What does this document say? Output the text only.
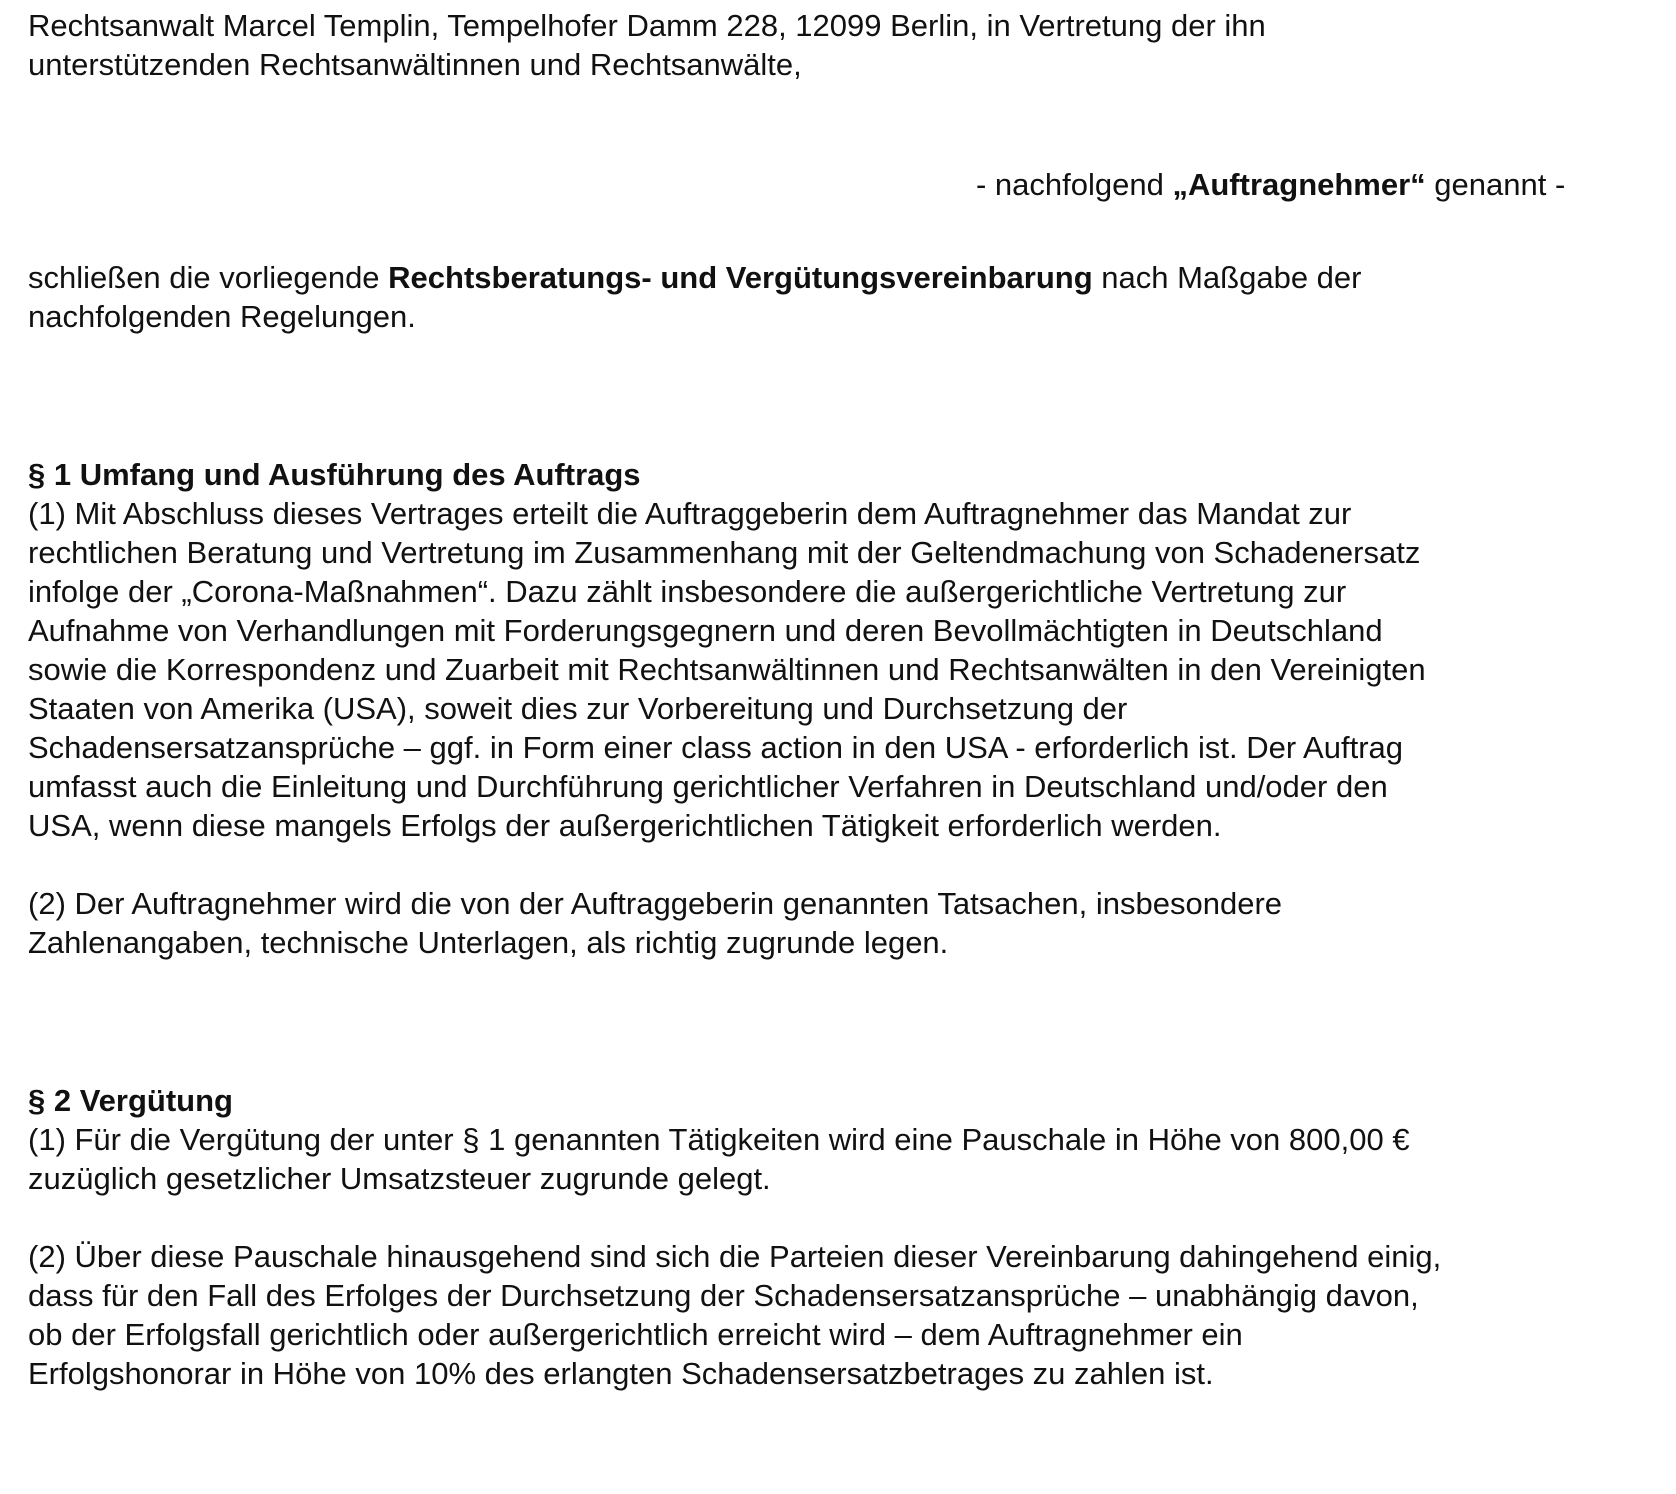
Rechtsanwalt Marcel Templin, Tempelhofer Damm 228, 12099 Berlin, in Vertretung der ihn
unterstützenden Rechtsanwältinnen und Rechtsanwälte,

- nachfolgend „Auftragnehmer“ genannt -

schließen die vorliegende Rechtsberatungs- und Vergütungsvereinbarung nach Maßgabe der
nachfolgenden Regelungen.

§ 1 Umfang und Ausführung des Auftrags

(1) Mit Abschluss dieses Vertrages erteilt die Auftraggeberin dem Auftragnehmer das Mandat zur
rechtlichen Beratung und Vertretung im Zusammenhang mit der Geltendmachung von Schadenersatz
infolge der „Corona-Maßnahmen“. Dazu zählt insbesondere die außergerichtliche Vertretung zur
Aufnahme von Verhandlungen mit Forderungsgegnern und deren Bevollmächtigten in Deutschland
sowie die Korrespondenz und Zuarbeit mit Rechtsanwältinnen und Rechtsanwälten in den Vereinigten
Staaten von Amerika (USA), soweit dies zur Vorbereitung und Durchsetzung der
Schadensersatzansprüche – ggf. in Form einer class action in den USA - erforderlich ist. Der Auftrag
umfasst auch die Einleitung und Durchführung gerichtlicher Verfahren in Deutschland und/oder den
USA, wenn diese mangels Erfolgs der außergerichtlichen Tätigkeit erforderlich werden.

(2) Der Auftragnehmer wird die von der Auftraggeberin genannten Tatsachen, insbesondere
Zahlenangaben, technische Unterlagen, als richtig zugrunde legen.

§ 2 Vergütung

(1) Für die Vergütung der unter § 1 genannten Tätigkeiten wird eine Pauschale in Höhe von 800,00 €
zuzüglich gesetzlicher Umsatzsteuer zugrunde gelegt.

(2) Über diese Pauschale hinausgehend sind sich die Parteien dieser Vereinbarung dahingehend einig,
dass für den Fall des Erfolges der Durchsetzung der Schadensersatzansprüche – unabhängig davon,
ob der Erfolgsfall gerichtlich oder außergerichtlich erreicht wird – dem Auftragnehmer ein
Erfolgshonorar in Höhe von 10% des erlangten Schadensersatzbetrages zu zahlen ist.
